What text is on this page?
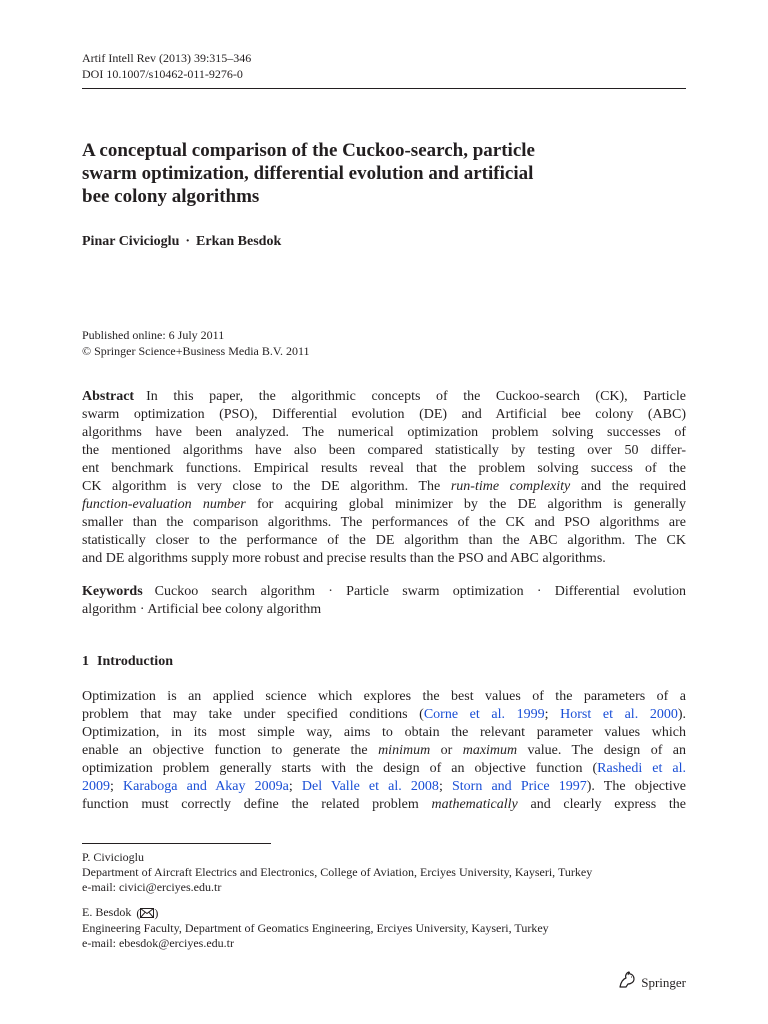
Artif Intell Rev (2013) 39:315–346
DOI 10.1007/s10462-011-9276-0
A conceptual comparison of the Cuckoo-search, particle
swarm optimization, differential evolution and artificial
bee colony algorithms
Pinar Civicioglu · Erkan Besdok
Published online: 6 July 2011
© Springer Science+Business Media B.V. 2011
Abstract In this paper, the algorithmic concepts of the Cuckoo-search (CK), Particle
swarm optimization (PSO), Differential evolution (DE) and Artificial bee colony (ABC)
algorithms have been analyzed. The numerical optimization problem solving successes of
the mentioned algorithms have also been compared statistically by testing over 50 differ-
ent benchmark functions. Empirical results reveal that the problem solving success of the
CK algorithm is very close to the DE algorithm. The run-time complexity and the required
function-evaluation number for acquiring global minimizer by the DE algorithm is generally
smaller than the comparison algorithms. The performances of the CK and PSO algorithms are
statistically closer to the performance of the DE algorithm than the ABC algorithm. The CK
and DE algorithms supply more robust and precise results than the PSO and ABC algorithms.
Keywords Cuckoo search algorithm · Particle swarm optimization · Differential evolution
algorithm · Artificial bee colony algorithm
1 Introduction
Optimization is an applied science which explores the best values of the parameters of a
problem that may take under specified conditions (Corne et al. 1999; Horst et al. 2000).
Optimization, in its most simple way, aims to obtain the relevant parameter values which
enable an objective function to generate the minimum or maximum value. The design of an
optimization problem generally starts with the design of an objective function (Rashedi et al.
2009; Karaboga and Akay 2009a; Del Valle et al. 2008; Storn and Price 1997). The objective
function must correctly define the related problem mathematically and clearly express the
P. Civicioglu
Department of Aircraft Electrics and Electronics, College of Aviation, Erciyes University, Kayseri, Turkey
e-mail: civici@erciyes.edu.tr
E. Besdok ( )
Engineering Faculty, Department of Geomatics Engineering, Erciyes University, Kayseri, Turkey
e-mail: ebesdok@erciyes.edu.tr
Springer
